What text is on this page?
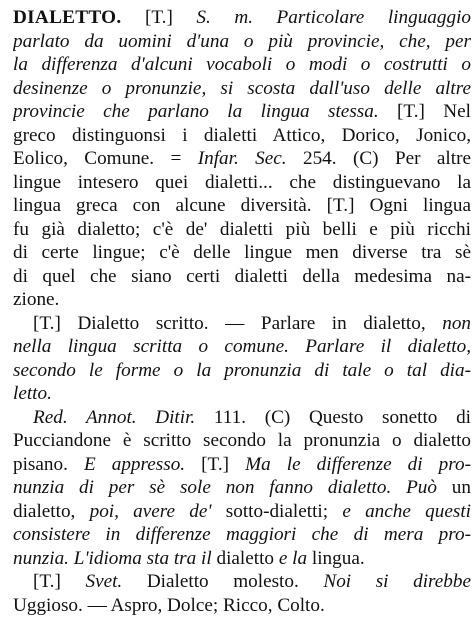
DIALETTO. [T.] S. m. Particolare linguaggio
parlato da uomini d'una o più provincie, che, per
la differenza d'alcuni vocaboli o modi o costrutti o
desinenze o pronunzie, si scosta dall'uso delle altre
provincie che parlano la lingua stessa. [T.] Nel
greco distinguonsi i dialetti Attico, Dorico, Jonico,
Eolico, Comune. = Infar. Sec. 254. (C) Per altre
lingue intesero quei dialetti... che distinguevano la
lingua greca con alcune diversità. [T.] Ogni lingua
fu già dialetto; c'è de' dialetti più belli e più ricchi
di certe lingue; c'è delle lingue men diverse tra sè
di quel che siano certi dialetti della medesima na-
zione.
[T.] Dialetto scritto. — Parlare in dialetto, non
nella lingua scritta o comune. Parlare il dialetto,
secondo le forme o la pronunzia di tale o tal dia-
letto.
Red. Annot. Ditir. 111. (C) Questo sonetto di
Pucciandone è scritto secondo la pronunzia o dialetto
pisano. E appresso. [T.] Ma le differenze di pro-
nunzia di per sè sole non fanno dialetto. Può un
dialetto, poi, avere de' sotto-dialetti; e anche questi
consistere in differenze maggiori che di mera pro-
nunzia. L'idioma sta tra il dialetto e la lingua.
[T.] Svet. Dialetto molesto. Noi si direbbe
Uggioso. — Aspro, Dolce; Ricco, Colto.
